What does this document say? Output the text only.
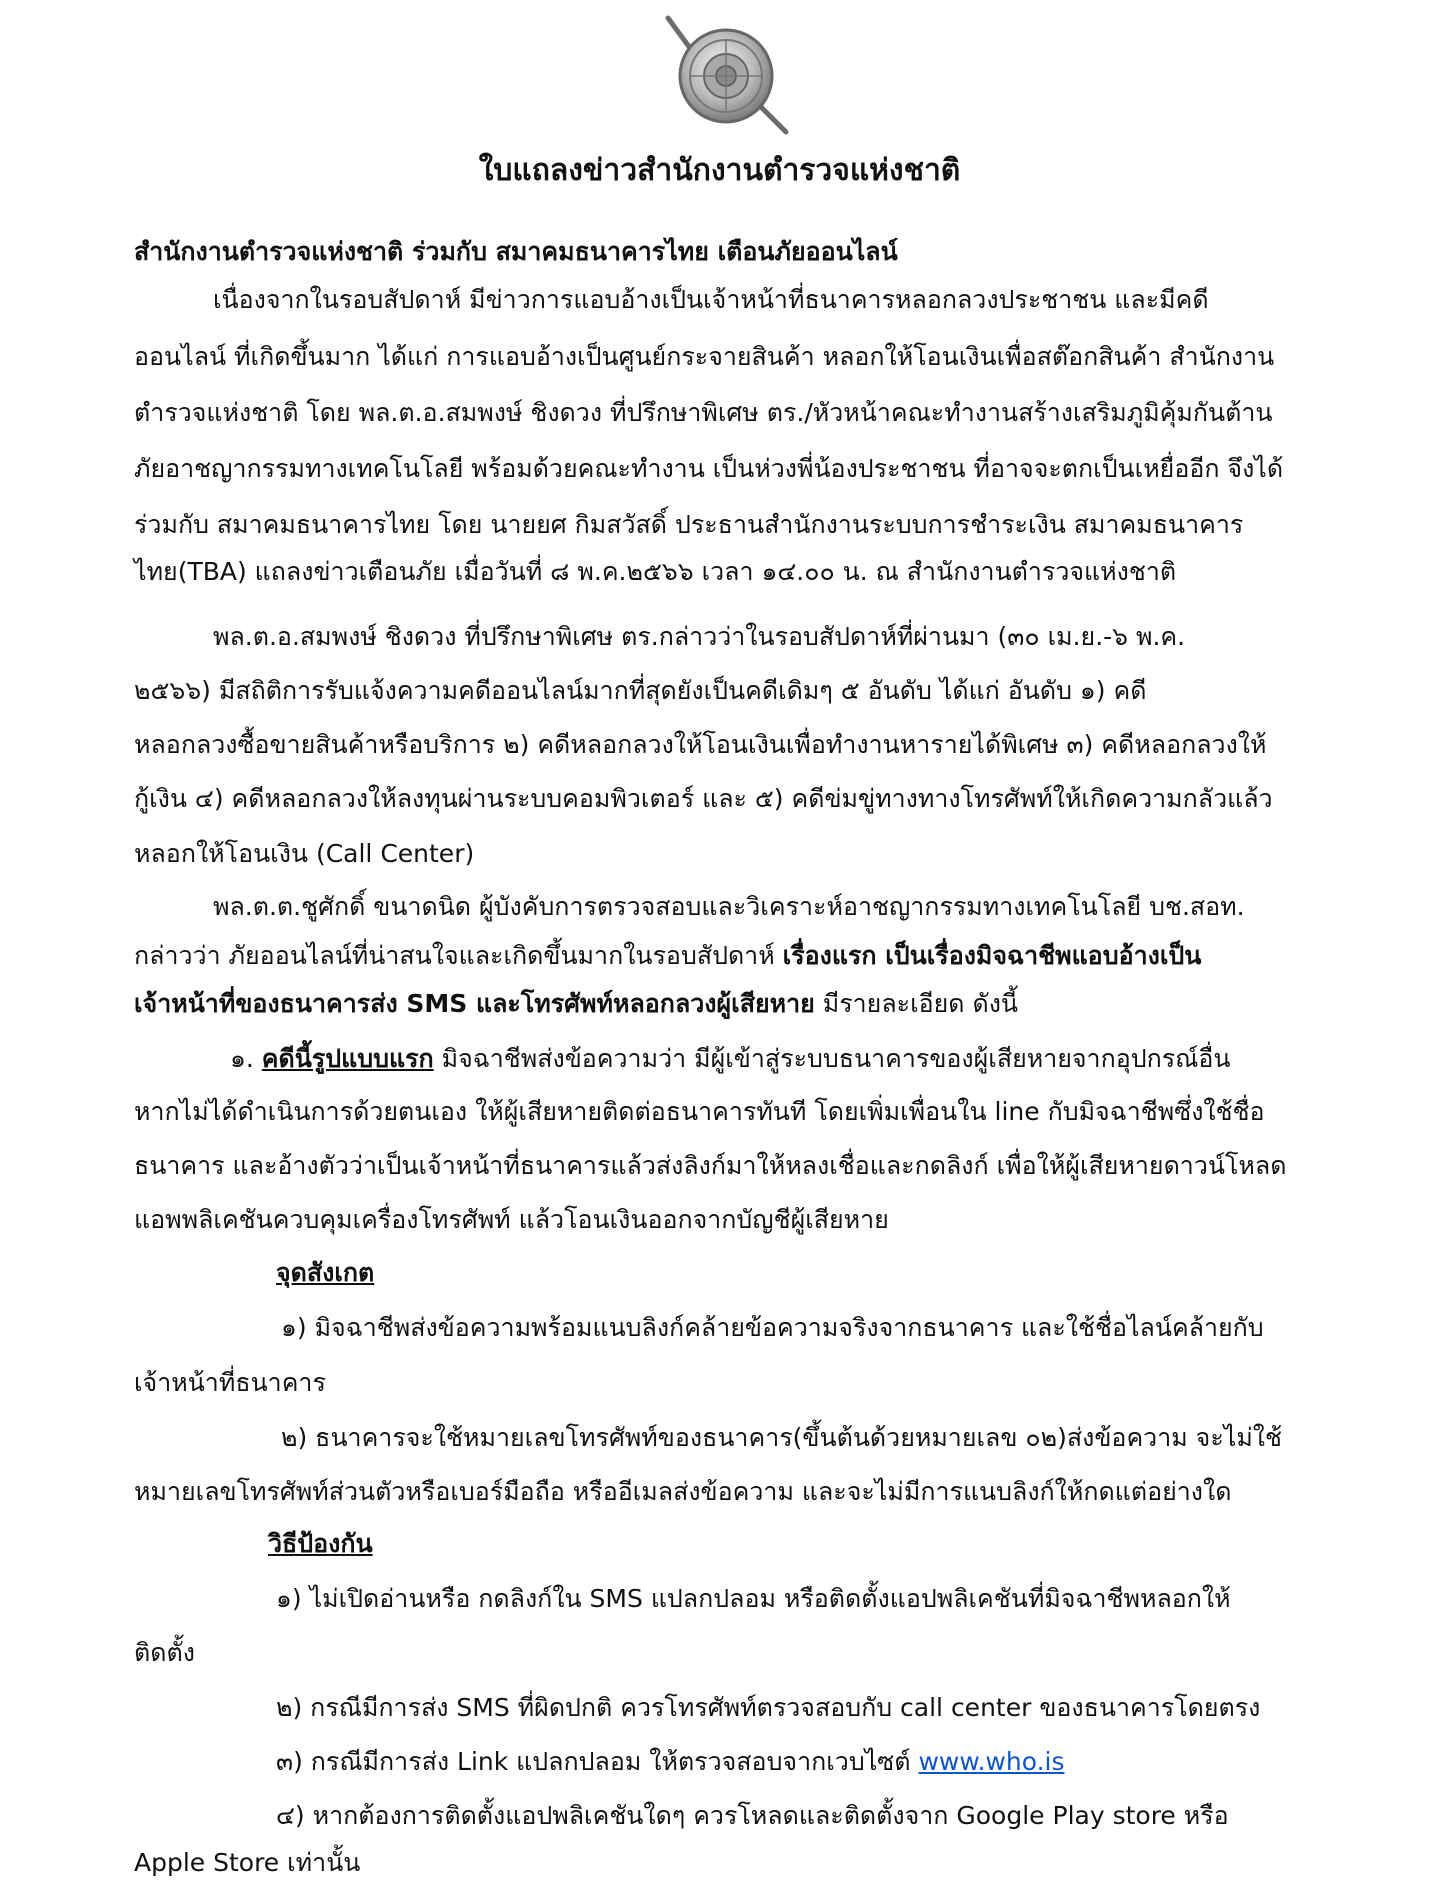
ใบแถลงข่าวสำนักงานตำรวจแห่งชาติ
สำนักงานตำรวจแห่งชาติ ร่วมกับ สมาคมธนาคารไทย เตือนภัยออนไลน์
เนื่องจากในรอบสัปดาห์ มีข่าวการแอบอ้างเป็นเจ้าหน้าที่ธนาคารหลอกลวงประชาชน และมีคดี
ออนไลน์ ที่เกิดขึ้นมาก ได้แก่ การแอบอ้างเป็นศูนย์กระจายสินค้า หลอกให้โอนเงินเพื่อสต๊อกสินค้า สำนักงาน
ตำรวจแห่งชาติ โดย พล.ต.อ.สมพงษ์ ชิงดวง ที่ปรึกษาพิเศษ ตร./หัวหน้าคณะทำงานสร้างเสริมภูมิคุ้มกันต้าน
ภัยอาชญากรรมทางเทคโนโลยี พร้อมด้วยคณะทำงาน เป็นห่วงพี่น้องประชาชน ที่อาจจะตกเป็นเหยื่ออีก จึงได้
ร่วมกับ สมาคมธนาคารไทย โดย นายยศ กิมสวัสดิ์ ประธานสำนักงานระบบการชำระเงิน สมาคมธนาคาร
ไทย(TBA) แถลงข่าวเตือนภัย เมื่อวันที่ ๘ พ.ค.๒๕๖๖ เวลา ๑๔.๐๐ น. ณ สำนักงานตำรวจแห่งชาติ
พล.ต.อ.สมพงษ์ ชิงดวง ที่ปรึกษาพิเศษ ตร.กล่าวว่าในรอบสัปดาห์ที่ผ่านมา (๓๐ เม.ย.-๖ พ.ค.
๒๕๖๖) มีสถิติการรับแจ้งความคดีออนไลน์มากที่สุดยังเป็นคดีเดิมๆ ๕ อันดับ ได้แก่ อันดับ ๑) คดี
หลอกลวงซื้อขายสินค้าหรือบริการ ๒) คดีหลอกลวงให้โอนเงินเพื่อทำงานหารายได้พิเศษ ๓) คดีหลอกลวงให้
กู้เงิน ๔) คดีหลอกลวงให้ลงทุนผ่านระบบคอมพิวเตอร์ และ ๕) คดีข่มขู่ทางทางโทรศัพท์ให้เกิดความกลัวแล้ว
หลอกให้โอนเงิน (Call Center)
พล.ต.ต.ชูศักดิ์ ขนาดนิด ผู้บังคับการตรวจสอบและวิเคราะห์อาชญากรรมทางเทคโนโลยี บช.สอท.
กล่าวว่า ภัยออนไลน์ที่น่าสนใจและเกิดขึ้นมากในรอบสัปดาห์ เรื่องแรก เป็นเรื่องมิจฉาชีพแอบอ้างเป็น
เจ้าหน้าที่ของธนาคารส่ง SMS และโทรศัพท์หลอกลวงผู้เสียหาย มีรายละเอียด ดังนี้
๑. คดีนี้รูปแบบแรก มิจฉาชีพส่งข้อความว่า มีผู้เข้าสู่ระบบธนาคารของผู้เสียหายจากอุปกรณ์อื่น
หากไม่ได้ดำเนินการด้วยตนเอง ให้ผู้เสียหายติดต่อธนาคารทันที โดยเพิ่มเพื่อนใน line กับมิจฉาชีพซึ่งใช้ชื่อ
ธนาคาร และอ้างตัวว่าเป็นเจ้าหน้าที่ธนาคารแล้วส่งลิงก์มาให้หลงเชื่อและกดลิงก์ เพื่อให้ผู้เสียหายดาวน์โหลด
แอพพลิเคชันควบคุมเครื่องโทรศัพท์ แล้วโอนเงินออกจากบัญชีผู้เสียหาย
จุดสังเกต
๑) มิจฉาชีพส่งข้อความพร้อมแนบลิงก์คล้ายข้อความจริงจากธนาคาร และใช้ชื่อไลน์คล้ายกับ
เจ้าหน้าที่ธนาคาร
๒) ธนาคารจะใช้หมายเลขโทรศัพท์ของธนาคาร(ขึ้นต้นด้วยหมายเลข ๐๒)ส่งข้อความ จะไม่ใช้
หมายเลขโทรศัพท์ส่วนตัวหรือเบอร์มือถือ หรืออีเมลส่งข้อความ และจะไม่มีการแนบลิงก์ให้กดแต่อย่างใด
วิธีป้องกัน
๑) ไม่เปิดอ่านหรือ กดลิงก์ใน SMS แปลกปลอม หรือติดตั้งแอปพลิเคชันที่มิจฉาชีพหลอกให้
ติดตั้ง
๒) กรณีมีการส่ง SMS ที่ผิดปกติ ควรโทรศัพท์ตรวจสอบกับ call center ของธนาคารโดยตรง
๓) กรณีมีการส่ง Link แปลกปลอม ให้ตรวจสอบจากเวบไซต์ www.who.is
๔) หากต้องการติดตั้งแอปพลิเคชันใดๆ ควรโหลดและติดตั้งจาก Google Play store หรือ
Apple Store เท่านั้น
